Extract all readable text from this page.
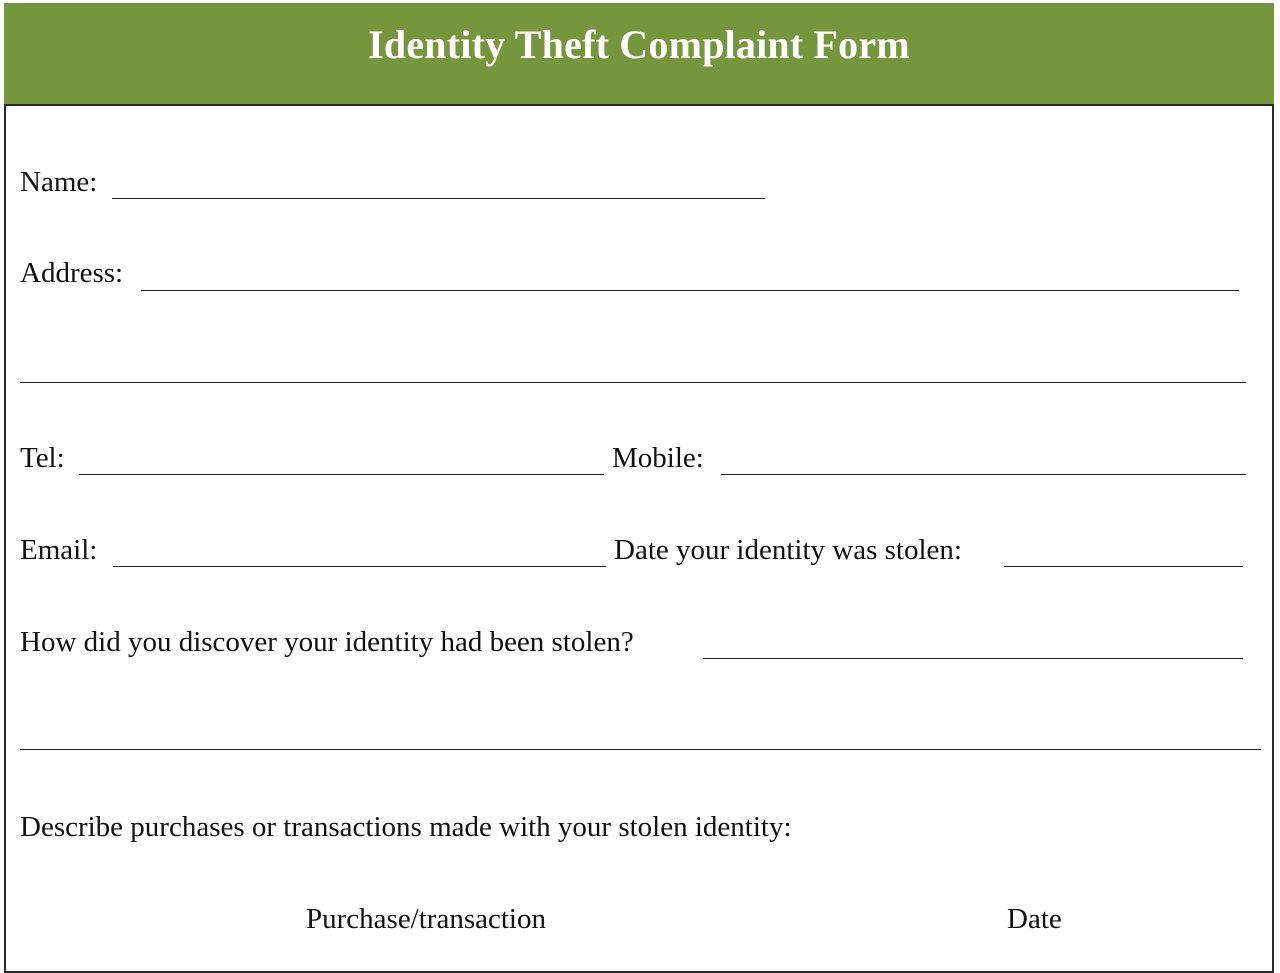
Identity Theft Complaint Form
Name:
Address:
Tel:	Mobile:
Email:	Date your identity was stolen:
How did you discover your identity had been stolen?
Describe purchases or transactions made with your stolen identity:
Purchase/transaction	Date
